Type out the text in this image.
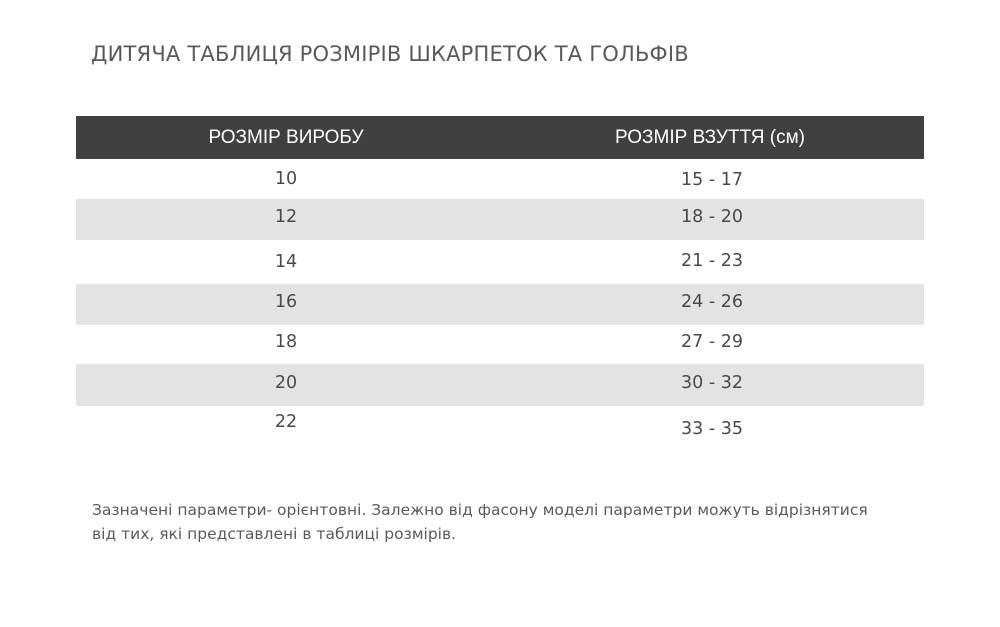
ДИТЯЧА ТАБЛИЦЯ РОЗМІРІВ ШКАРПЕТОК ТА ГОЛЬФІВ
РОЗМІР ВИРОБУ	РОЗМІР ВЗУТТЯ (см)
10	15 - 17
12	18 - 20
14	21 - 23
16	24 - 26
18	27 - 29
20	30 - 32
22	33 - 35
Зазначені параметри- орієнтовні. Залежно від фасону моделі параметри можуть відрізнятися
від тих, які представлені в таблиці розмірів.
